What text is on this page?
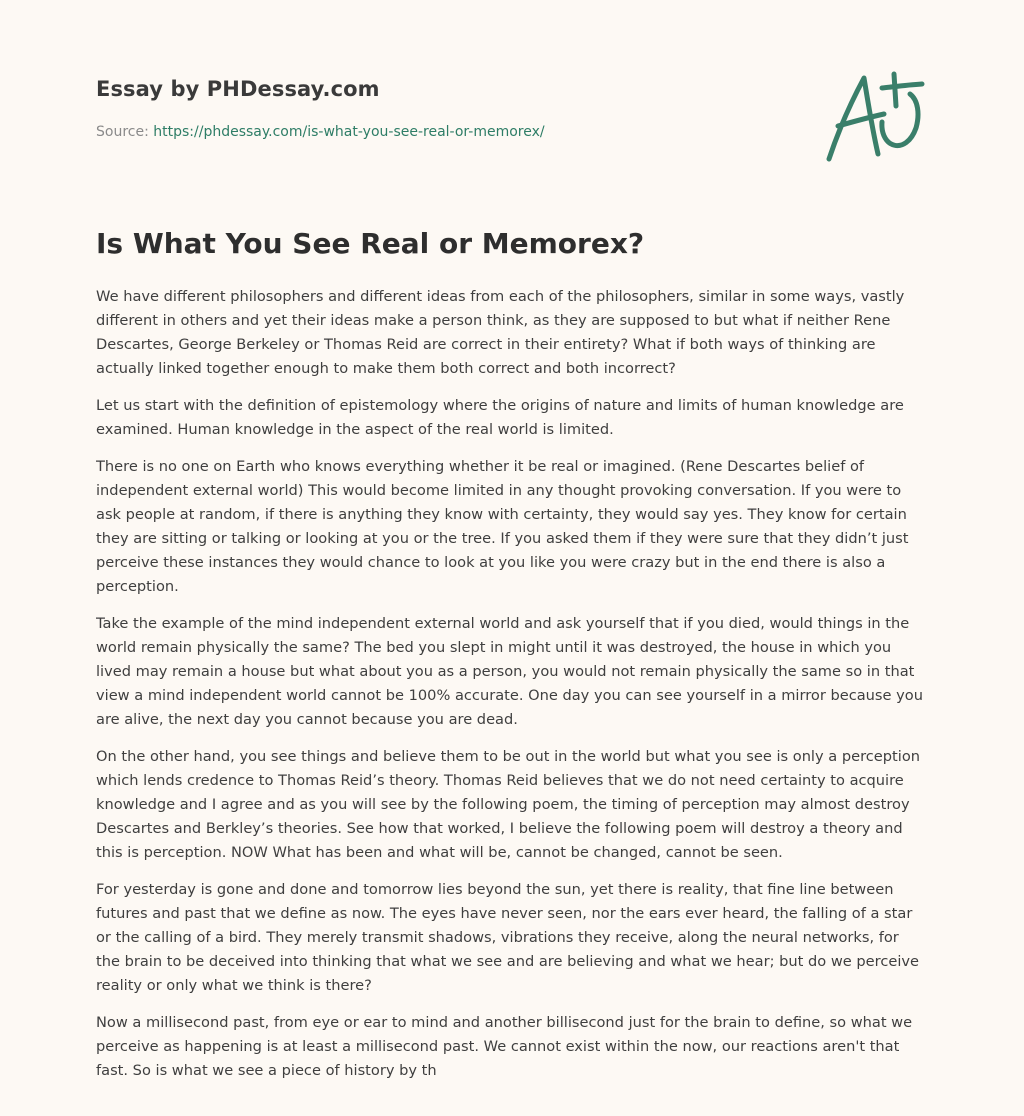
Essay by PHDessay.com
Source: https://phdessay.com/is-what-you-see-real-or-memorex/
Is What You See Real or Memorex?

We have different philosophers and different ideas from each of the philosophers, similar in some ways, vastly different in others and yet their ideas make a person think, as they are supposed to but what if neither Rene Descartes, George Berkeley or Thomas Reid are correct in their entirety? What if both ways of thinking are actually linked together enough to make them both correct and both incorrect?

Let us start with the definition of epistemology where the origins of nature and limits of human knowledge are examined. Human knowledge in the aspect of the real world is limited.

There is no one on Earth who knows everything whether it be real or imagined. (Rene Descartes belief of independent external world) This would become limited in any thought provoking conversation. If you were to ask people at random, if there is anything they know with certainty, they would say yes. They know for certain they are sitting or talking or looking at you or the tree. If you asked them if they were sure that they didn’t just perceive these instances they would chance to look at you like you were crazy but in the end there is also a perception.

Take the example of the mind independent external world and ask yourself that if you died, would things in the world remain physically the same? The bed you slept in might until it was destroyed, the house in which you lived may remain a house but what about you as a person, you would not remain physically the same so in that view a mind independent world cannot be 100% accurate. One day you can see yourself in a mirror because you are alive, the next day you cannot because you are dead.

On the other hand, you see things and believe them to be out in the world but what you see is only a perception which lends credence to Thomas Reid’s theory. Thomas Reid believes that we do not need certainty to acquire knowledge and I agree and as you will see by the following poem, the timing of perception may almost destroy Descartes and Berkley’s theories. See how that worked, I believe the following poem will destroy a theory and this is perception. NOW What has been and what will be, cannot be changed, cannot be seen.

For yesterday is gone and done and tomorrow lies beyond the sun, yet there is reality, that fine line between futures and past that we define as now. The eyes have never seen, nor the ears ever heard, the falling of a star or the calling of a bird. They merely transmit shadows, vibrations they receive, along the neural networks, for the brain to be deceived into thinking that what we see and are believing and what we hear; but do we perceive reality or only what we think is there?

Now a millisecond past, from eye or ear to mind and another billisecond just for the brain to define, so what we perceive as happening is at least a millisecond past. We cannot exist within the now, our reactions aren't that fast. So is what we see a piece of history by th
